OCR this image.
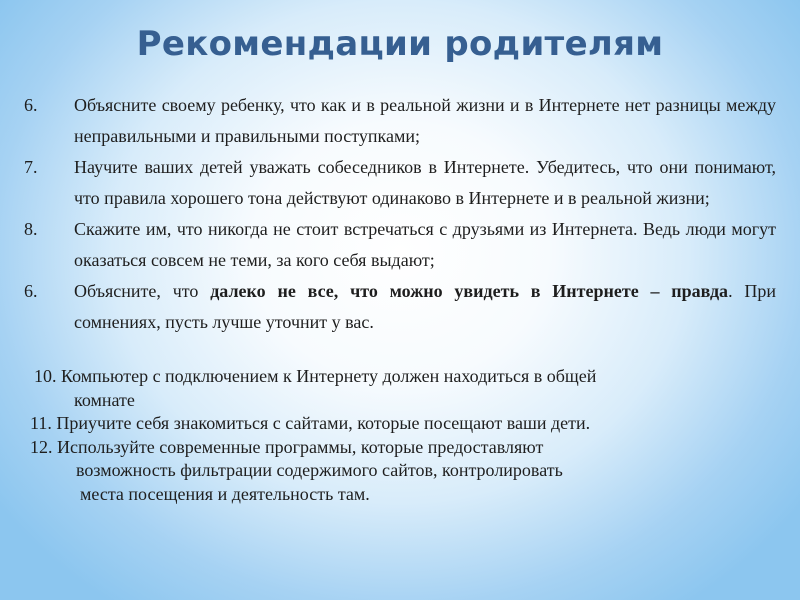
Рекомендации родителям
6. Объясните своему ребенку, что как и в реальной жизни и в Интернете нет разницы между неправильными и правильными поступками;
7. Научите ваших детей уважать собеседников в Интернете. Убедитесь, что они понимают, что правила хорошего тона действуют одинаково в Интернете и в реальной жизни;
8. Скажите им, что никогда не стоит встречаться с друзьями из Интернета. Ведь люди могут оказаться совсем не теми, за кого себя выдают;
6. Объясните, что далеко не все, что можно увидеть в Интернете – правда. При сомнениях, пусть лучше уточнит у вас.
10. Компьютер с подключением к Интернету должен находиться в общей
комнате
11. Приучите себя знакомиться с сайтами, которые посещают ваши дети.
12. Используйте современные программы, которые предоставляют
возможность фильтрации содержимого сайтов, контролировать
места посещения и деятельность там.
